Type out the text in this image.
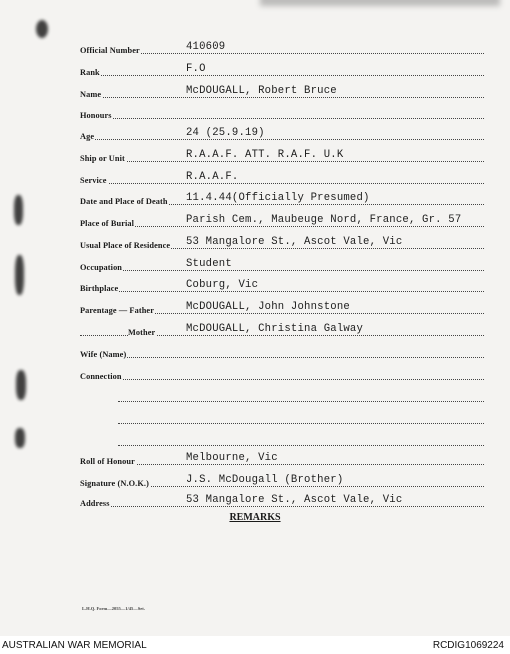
Official Number	410609
Rank	F.O
Name	McDOUGALL, Robert Bruce
Honours
Age	24 (25.9.19)
Ship or Unit	R.A.A.F. ATT. R.A.F. U.K
Service	R.A.A.F.
Date and Place of Death 11.4.44(Officially Presumed)
Place of Burial	Parish Cem., Maubeuge Nord, France, Gr. 57
Usual Place of Residence 53 Mangalore St., Ascot Vale, Vic
Occupation	Student
Birthplace	Coburg, Vic
Parentage — Father	McDOUGALL, John Johnstone
Mother	McDOUGALL, Christina Galway
Wife (Name)
Connection
Roll of Honour	Melbourne, Vic
Signature (N.O.K.)	J.S. McDougall (Brother)
Address	53 Mangalore St., Ascot Vale, Vic
REMARKS
L.H.Q. Form—2055—1/45—Set.
AUSTRALIAN WAR MEMORIAL	RCDIG1069224
